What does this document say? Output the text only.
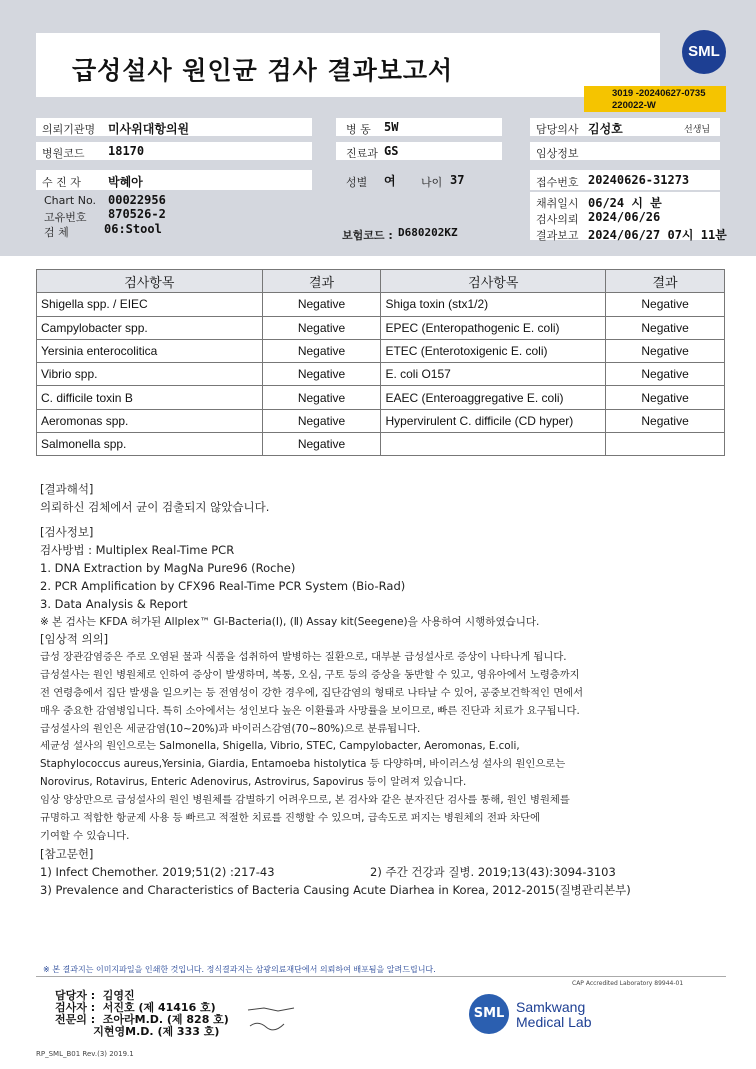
급성설사 원인균 검사 결과보고서
SML
3019 -20240627-0735
220022-W
의뢰기관명 미사위대항의원	병 동 5W	담당의사 김성호	선생님
병원코드 18170	진료과 GS	임상정보
수 진 자 박혜아	성별 여 나이 37	접수번호 20240626-31273
Chart No. 00022956
고유번호 870526-2
검 체	06:Stool	보험코드 : D680202KZ
채취일시 06/24 시 분
검사의뢰 2024/06/26
결과보고 2024/06/27 07시 11분
검사항목	결과	검사항목	결과
Shigella spp. / EIEC	Negative	Shiga toxin (stx1/2)	Negative
Campylobacter spp.	Negative	EPEC (Enteropathogenic E. coli)	Negative
Yersinia enterocolitica	Negative	ETEC (Enterotoxigenic E. coli)	Negative
Vibrio spp.	Negative	E. coli O157	Negative
C. difficile toxin B	Negative	EAEC (Enteroaggregative E. coli)	Negative
Aeromonas spp.	Negative	Hypervirulent C. difficile (CD hyper)	Negative
Salmonella spp.	Negative		
[결과해석]
의뢰하신 검체에서 균이 검출되지 않았습니다.
[검사정보]
검사방법 : Multiplex Real-Time PCR
1. DNA Extraction by MagNa Pure96 (Roche)
2. PCR Amplification by CFX96 Real-Time PCR System (Bio-Rad)
3. Data Analysis & Report
※ 본 검사는 KFDA 허가된 Allplex™ GI-Bacteria(Ⅰ), (Ⅱ) Assay kit(Seegene)을 사용하여 시행하였습니다.
[임상적 의의]
급성 장관감염증은 주로 오염된 물과 식품을 섭취하여 발병하는 질환으로, 대부분 급성설사로 증상이 나타나게 됩니다.
급성설사는 원인 병원체로 인하여 증상이 발생하며, 복통, 오심, 구토 등의 증상을 동반할 수 있고, 영유아에서 노령층까지
전 연령층에서 집단 발생을 일으키는 등 전염성이 강한 경우에, 집단감염의 형태로 나타날 수 있어, 공중보건학적인 면에서
매우 중요한 감염병입니다. 특히 소아에서는 성인보다 높은 이환률과 사망률을 보이므로, 빠른 진단과 치료가 요구됩니다.
급성설사의 원인은 세균감염(10~20%)과 바이러스감염(70~80%)으로 분류됩니다.
세균성 설사의 원인으로는 Salmonella, Shigella, Vibrio, STEC, Campylobacter, Aeromonas, E.coli,
Staphylococcus aureus,Yersinia, Giardia, Entamoeba histolytica 등 다양하며, 바이러스성 설사의 원인으로는
Norovirus, Rotavirus, Enteric Adenovirus, Astrovirus, Sapovirus 등이 알려져 있습니다.
임상 양상만으로 급성설사의 원인 병원체를 감별하기 어려우므로, 본 검사와 같은 분자진단 검사를 통해, 원인 병원체를
규명하고 적합한 항균제 사용 등 빠르고 적절한 치료를 진행할 수 있으며, 급속도로 퍼지는 병원체의 전파 차단에
기여할 수 있습니다.
[참고문헌]
1) Infect Chemother. 2019;51(2) :217-43	2) 주간 건강과 질병. 2019;13(43):3094-3103
3) Prevalence and Characteristics of Bacteria Causing Acute Diarhea in Korea, 2012-2015(질병관리본부)
※ 본 결과지는 이미지파일을 인쇄한 것입니다. 정식결과지는 삼광의료재단에서 의뢰하여 배포됨을 알려드립니다.
CAP Accredited Laboratory 89944-01
담당자 :  김영진
검사자 :  서진호 (제 41416 호)
전문의 :  조아라M.D. (제 828 호)
지현영M.D. (제 333 호)
SML Samkwang
Medical Lab
RP_SML_B01 Rev.(3) 2019.1
